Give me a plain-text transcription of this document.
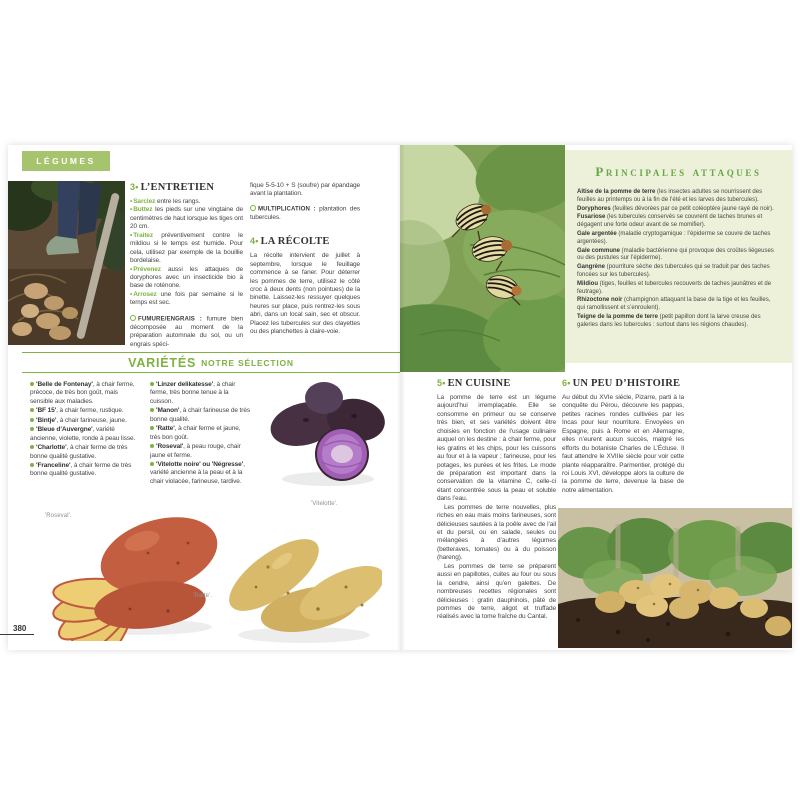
LÉGUMES
3• L’ENTRETIEN

•Sarclez entre les rangs.

•Buttez les pieds sur une vingtaine de centimètres de haut lorsque les tiges ont 20 cm.

•Traitez préventivement contre le mildiou si le temps est humide. Pour cela, utilisez par exemple de la bouillie bordelaise.

•Prévenez aussi les attaques de doryphores avec un insecticide bio à base de roténone.

•Arrosez une fois par semaine si le temps est sec.

FUMURE/ENGRAIS : fumure bien décomposée au moment de la préparation automnale du sol, ou un engrais spéci-

fique 5-5-10 + S (soufre) par épandage avant la plantation.

MULTIPLICATION : plantation des tubercules.

4• LA RÉCOLTE
La récolte intervient de juillet à septembre, lorsque le feuillage commence à se faner. Pour déterrer les pommes de terre, utilisez le côté croc à deux dents (non pointues) de la binette. Laissez-les ressuyer quelques heures sur place, puis rentrez-les sous abri, dans un local sain, sec et obscur. Placez les tubercules sur des clayettes ou des planchettes à claire-voie.
VARIÉTÉS NOTRE SÉLECTION
'Belle de Fontenay', à chair ferme, précoce, de très bon goût, mais sensible aux maladies.
'BF 15', à chair ferme, rustique.
'Bintje', à chair farineuse, jaune.
'Bleue d’Auvergne', variété ancienne, violette, ronde à peau lisse.
'Charlotte', à chair ferme de très bonne qualité gustative.
'Franceline', à chair ferme de très bonne qualité gustative.
'Linzer delikatesse', à chair ferme, très bonne tenue à la cuisson.
'Manon', à chair farineuse de très bonne qualité.
'Ratte', à chair ferme et jaune, très bon goût.
'Roseval', à peau rouge, chair jaune et ferme.
'Vitelotte noire' ou 'Négresse', variété ancienne à la peau et à la chair violacée, farineuse, tardive.
'Vitelotte'.
'Roseval'.
'Ratte'.
Principales attaques
Altise de la pomme de terre (les insectes adultes se nourrissent des feuilles au printemps ou à la fin de l’été et les larves des tubercules).
Doryphores (feuilles dévorées par ce petit coléoptère jaune rayé de noir).
Fusariose (les tubercules conservés se couvrent de taches brunes et dégagent une forte odeur avant de se momifier).
Gale argentée (maladie cryptogamique : l’épiderme se couvre de taches argentées).
Gale commune (maladie bactérienne qui provoque des croûtes liégeuses ou des pustules sur l’épiderme).
Gangrène (pourriture sèche des tubercules qui se traduit par des taches foncées sur les tubercules).
Mildiou (tiges, feuilles et tubercules recouverts de taches jaunâtres et de feutrage).
Rhizoctone noir (champignon attaquant la base de la tige et les feuilles, qui ramollissent et s’enroulent).
Teigne de la pomme de terre (petit papillon dont la larve creuse des galeries dans les tubercules : surtout dans les régions chaudes).
5• EN CUISINE

La pomme de terre est un légume aujourd’hui irremplaçable. Elle se consomme en primeur ou se conserve très bien, et ses variétés doivent être choisies en fonction de l’usage culinaire auquel on les destine : à chair ferme, pour les gratins et les chips, pour les cuissons au four et à la vapeur ; farineuse, pour les potages, les purées et les frites. Le mode de préparation est important dans la conservation de la vitamine C, celle-ci étant concentrée sous la peau et soluble dans l’eau.

Les pommes de terre nouvelles, plus riches en eau mais moins farineuses, sont délicieuses sautées à la poêle avec de l’ail et du persil, ou en salade, seules ou mélangées à d’autres légumes (betteraves, tomates) ou à du poisson (hareng).

Les pommes de terre se préparent aussi en papillotes, cuites au four ou sous la cendre, ainsi qu’en galettes. De nombreuses recettes régionales sont délicieuses : gratin dauphinois, pâté de pommes de terre, aligot et truffade réalisés avec la tome fraîche du Cantal.

6• UN PEU D’HISTOIRE

Au début du XVIe siècle, Pizarre, parti à la conquête du Pérou, découvre les pappas, petites racines rondes cultivées par les Incas pour leur nourriture. Envoyées en Espagne, puis à Rome et en Allemagne, elles n’eurent aucun succès, malgré les efforts du botaniste Charles de L’Écluse. Il faut attendre le XVIIIe siècle pour voir cette plante réapparaître. Parmentier, protégé du roi Louis XVI, développe alors la culture de la pomme de terre, devenue la base de notre alimentation.

380
